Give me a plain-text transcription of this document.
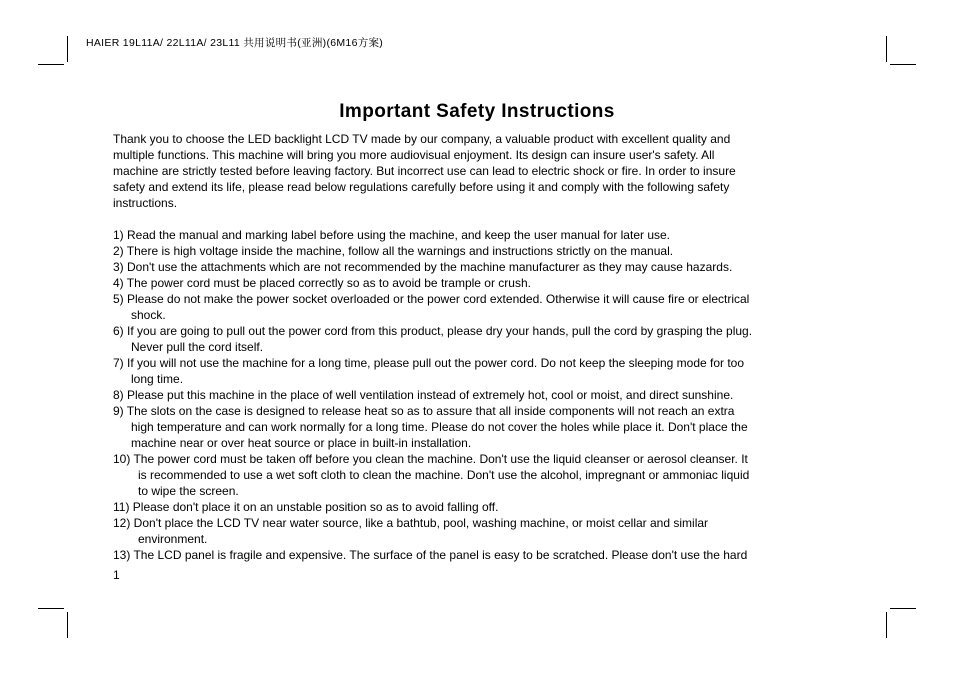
HAIER 19L11A/ 22L11A/ 23L11 共用说明书(亚洲)(6M16方案)
Important Safety Instructions
Thank you to choose the LED backlight LCD TV made by our company, a valuable product with excellent quality and
multiple functions. This machine will bring you more audiovisual enjoyment. Its design can insure user's safety. All
machine are strictly tested before leaving factory. But incorrect use can lead to electric shock or fire. In order to insure
safety and extend its life, please read below regulations carefully before using it and comply with the following safety
instructions.
1) Read the manual and marking label before using the machine, and keep the user manual for later use.
2) There is high voltage inside the machine, follow all the warnings and instructions strictly on the manual.
3) Don't use the attachments which are not recommended by the machine manufacturer as they may cause hazards.
4) The power cord must be placed correctly so as to avoid be trample or crush.
5) Please do not make the power socket overloaded or the power cord extended. Otherwise it will cause fire or electrical
shock.
6) If you are going to pull out the power cord from this product, please dry your hands, pull the cord by grasping the plug.
Never pull the cord itself.
7) If you will not use the machine for a long time, please pull out the power cord. Do not keep the sleeping mode for too
long time.
8) Please put this machine in the place of well ventilation instead of extremely hot, cool or moist, and direct sunshine.
9) The slots on the case is designed to release heat so as to assure that all inside components will not reach an extra
high temperature and can work normally for a long time. Please do not cover the holes while place it. Don't place the
machine near or over heat source or place in built-in installation.
10) The power cord must be taken off before you clean the machine. Don't use the liquid cleanser or aerosol cleanser. It
is recommended to use a wet soft cloth to clean the machine. Don't use the alcohol, impregnant or ammoniac liquid
to wipe the screen.
11) Please don't place it on an unstable position so as to avoid falling off.
12) Don't place the LCD TV near water source, like a bathtub, pool, washing machine, or moist cellar and similar
environment.
13) The LCD panel is fragile and expensive. The surface of the panel is easy to be scratched. Please don't use the hard
1
